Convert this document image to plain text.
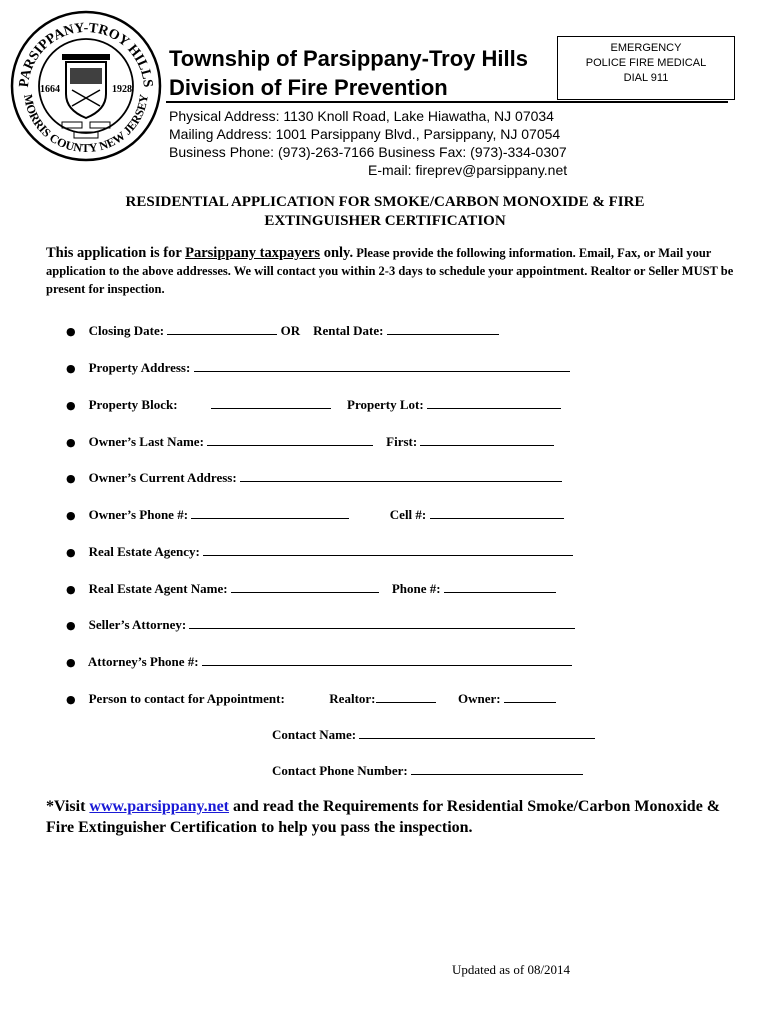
PARSIPPANY-TROY HILLS
MORRIS COUNTY NEW JERSEY
1664	1928
Township of Parsippany-Troy Hills
Division of Fire Prevention
EMERGENCY
POLICE FIRE MEDICAL
DIAL 911
Physical Address: 1130 Knoll Road, Lake Hiawatha, NJ 07034
Mailing Address: 1001 Parsippany Blvd., Parsippany, NJ 07054
Business Phone: (973)-263-7166 Business Fax: (973)-334-0307
E-mail: fireprev@parsippany.net
RESIDENTIAL APPLICATION FOR SMOKE/CARBON MONOXIDE & FIRE
EXTINGUISHER CERTIFICATION
This application is for Parsippany taxpayers only. Please provide the following information. Email, Fax, or Mail your application to the above addresses. We will contact you within 2-3 days to schedule your appointment. Realtor or Seller MUST be present for inspection.
● Closing Date:	OR Rental Date:
● Property Address:
● Property Block:	Property Lot:
● Owner’s Last Name:	First:
● Owner’s Current Address:
● Owner’s Phone #:	Cell #:
● Real Estate Agency:
● Real Estate Agent Name:	Phone #:
● Seller’s Attorney:
● Attorney’s Phone #:
● Person to contact for Appointment:	Realtor:	Owner:
Contact Name:
Contact Phone Number:
*Visit www.parsippany.net and read the Requirements for Residential Smoke/Carbon Monoxide & Fire Extinguisher Certification to help you pass the inspection.
Updated as of 08/2014
